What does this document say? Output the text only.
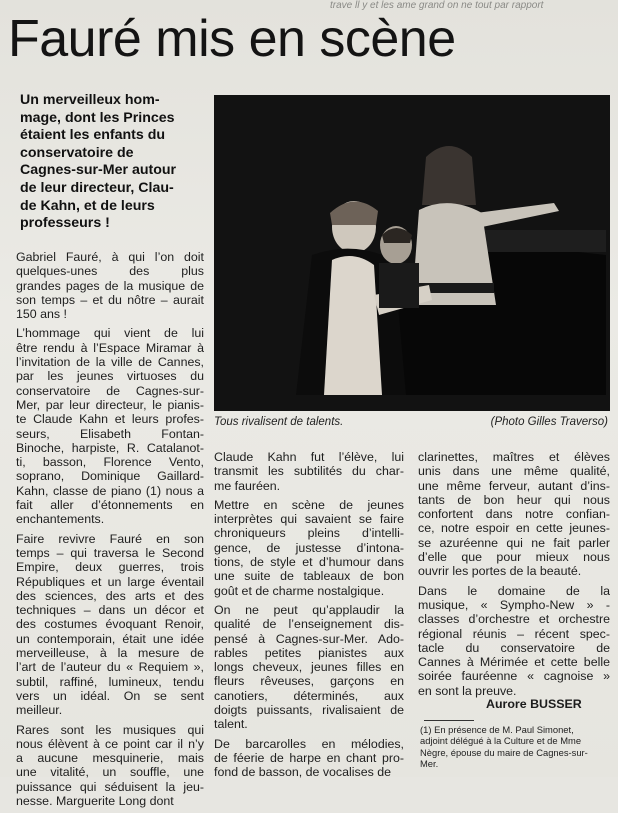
trave ll y et les ame grand on ne tout par rapport
Fauré mis en scène
Un merveilleux hom-
mage, dont les Princes
étaient les enfants du
conservatoire de
Cagnes-sur-Mer autour
de leur directeur, Clau-
de Kahn, et de leurs
professeurs !
Tous rivalisent de talents.	(Photo Gilles Traverso)
Gabriel Fauré, à qui l’on doit
quelques-unes des plus
grandes pages de la musique de
son temps – et du nôtre – aurait
150 ans !
L’hommage qui vient de lui
être rendu à l’Espace Miramar à
l’invitation de la ville de Cannes,
par les jeunes virtuoses du
conservatoire de Cagnes-sur-
Mer, par leur directeur, le pianis-
te Claude Kahn et leurs profes-
seurs, Elisabeth Fontan-
Binoche, harpiste, R. Catalanot-
ti, basson, Florence Vento,
soprano, Dominique Gaillard-
Kahn, classe de piano (1) nous a
fait aller d’étonnements en
enchantements.
Faire revivre Fauré en son
temps – qui traversa le Second
Empire, deux guerres, trois
Républiques et un large éventail
des sciences, des arts et des
techniques – dans un décor et
des costumes évoquant Renoir,
un contemporain, était une idée
merveilleuse, à la mesure de
l’art de l’auteur du « Requiem »,
subtil, raffiné, lumineux, tendu
vers un idéal. On se sent
meilleur.
Rares sont les musiques qui
nous élèvent à ce point car il n’y
a aucune mesquinerie, mais
une vitalité, un souffle, une
puissance qui séduisent la jeu-
nesse. Marguerite Long dont
Claude Kahn fut l’élève, lui
transmit les subtilités du char-
me fauréen.
Mettre en scène de jeunes
interprètes qui savaient se faire
chroniqueurs pleins d’intelli-
gence, de justesse d’intona-
tions, de style et d’humour dans
une suite de tableaux de bon
goût et de charme nostalgique.
On ne peut qu’applaudir la
qualité de l’enseignement dis-
pensé à Cagnes-sur-Mer. Ado-
rables petites pianistes aux
longs cheveux, jeunes filles en
fleurs rêveuses, garçons en
canotiers, déterminés, aux
doigts puissants, rivalisaient de
talent.
De barcarolles en mélodies,
de féerie de harpe en chant pro-
fond de basson, de vocalises de
clarinettes, maîtres et élèves
unis dans une même qualité,
une même ferveur, autant d’ins-
tants de bon heur qui nous
confortent dans notre confian-
ce, notre espoir en cette jeunes-
se azuréenne qui ne fait parler
d’elle que pour mieux nous
ouvrir les portes de la beauté.
Dans le domaine de la
musique, « Sympho-New » -
classes d’orchestre et orchestre
régional réunis – récent spec-
tacle du conservatoire de
Cannes à Mérimée et cette belle
soirée fauréenne « cagnoise »
en sont la preuve.
Aurore BUSSER
(1) En présence de M. Paul Simonet,
adjoint délégué à la Culture et de Mme
Nègre, épouse du maire de Cagnes-sur-
Mer.
